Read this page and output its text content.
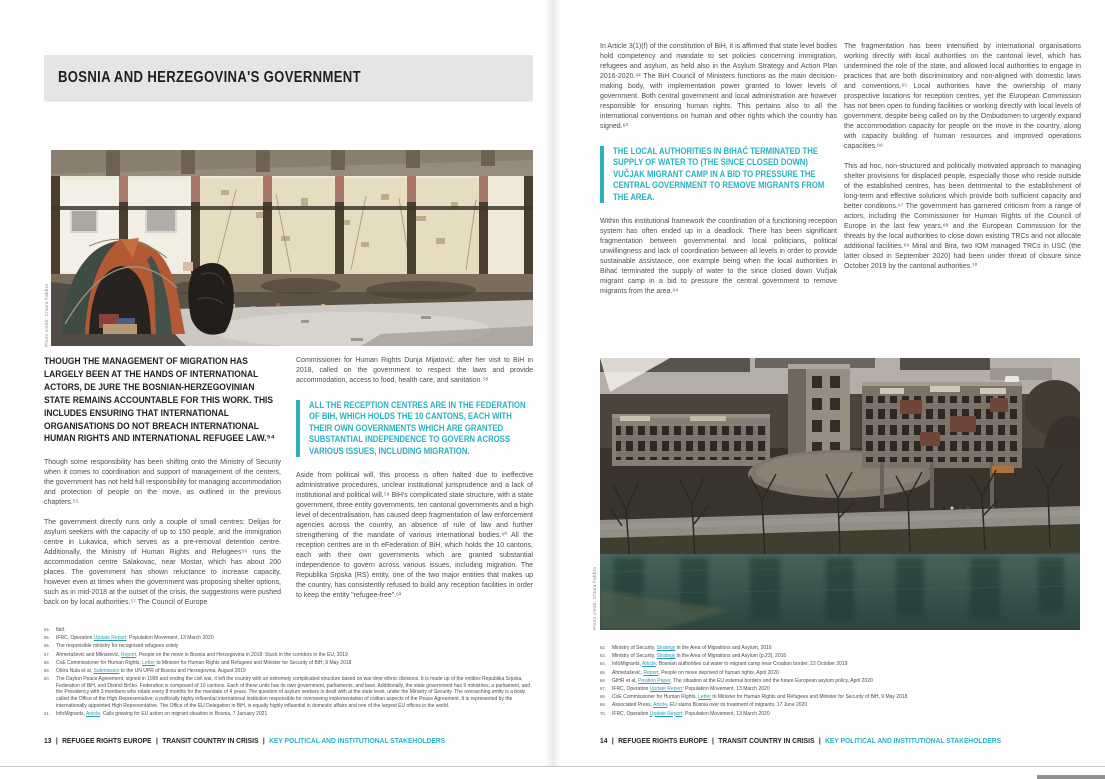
BOSNIA AND HERZEGOVINA'S GOVERNMENT
Photo credit: Chiara Fabbro
THOUGH THE MANAGEMENT OF MIGRATION HAS LARGELY BEEN AT THE HANDS OF INTERNATIONAL ACTORS, DE JURE THE BOSNIAN-HERZEGOVINIAN STATE REMAINS ACCOUNTABLE FOR THIS WORK. THIS INCLUDES ENSURING THAT INTERNATIONAL ORGANISATIONS DO NOT BREACH INTERNATIONAL HUMAN RIGHTS AND INTERNATIONAL REFUGEE LAW.⁵⁴

Though some responsibility has been shifting onto the Ministry of Security when it comes to coordination and support of management of the centers, the government has not held full responsibility for managing accommodation and protection of people on the move, as outlined in the previous chapters.⁵⁵

The government directly runs only a couple of small centres: Delijas for asylum seekers with the capacity of up to 150 people, and the immigration centre in Lukavica, which serves as a pre-removal detention centre. Additionally, the Ministry of Human Rights and Refugees⁵⁶ runs the accommodation centre Salakovac, near Mostar, which has about 200 places. The government has shown reluctance to increase capacity, however even at times when the government was proposing shelter options, such as in mid-2018 at the outset of the crisis, the suggestions were pushed back on by local authorities.⁵⁷ The Council of Europe

Commissioner for Human Rights Dunja Mijatović, after her visit to BiH in 2018, called on the government to respect the laws and provide accommodation, access to food, health care, and sanitation.⁵⁸

ALL THE RECEPTION CENTRES ARE IN THE FEDERATION OF BIH, WHICH HOLDS THE 10 CANTONS, EACH WITH THEIR OWN GOVERNMENTS WHICH ARE GRANTED SUBSTANTIAL INDEPENDENCE TO GOVERN ACROSS VARIOUS ISSUES, INCLUDING MIGRATION.

Aside from political will, this process is often halted due to ineffective administrative procedures, unclear institutional jurisprudence and a lack of institutional and political will.⁵⁹ BiH's complicated state structure, with a state government, three entity governments, ten cantonal governments and a high level of decentralisation, has caused deep fragmentation of law enforcement agencies across the country, an absence of rule of law and further strengthening of the mandate of various international bodies.⁶⁰ All the reception centres are in th eFederation of BiH, which holds the 10 cantons, each with their own governments which are granted substantial independence to govern across various issues, including migration. The Republika Srpska (RS) entity, one of the two major entities that makes up the country, has consistently refused to build any reception facilities in order to keep the entity “refugee-free”.⁶¹

54.	Ibid.
55.	IFRC, Operation Update Report: Population Movement, 13 March 2020
56.	The responsible ministry for recognised refugees solely
57.	Ahmetašević and Mlinarević, Report, People on the move in Bosnia and Herzegovina in 2018: Stuck in the corridors in the EU, 2019
58.	CoE Commissioner for Human Rights, Letter to Minister for Human Rights and Refugees and Minister for Security of BiH, 9 May 2018
59.	Oštra Nula et al, Submission to the UN UPR of Bosnia and Herzegovina, August 2019
60.	The Dayton Peace Agreement, signed in 1995 and ending the civil war, it left the country with an extremely complicated structure based on war-time ethnic divisions. It is made up of the entities Republika Srpska, Federation of BiH, and District Brčko. Federation is composed of 10 cantons. Each of these units has its own government, parliaments, and laws. Additionally, the state government has 9 ministries, a parliament, and the Presidency with 3 members who rotate every 8 months for the mandate of 4 years. The question of asylum seekers is dealt with at the state level, under the Ministry of Security. The overarching entity is a body called the Office of the High Representative; a politically highly influential international institution responsible for overseeing implementation of civilian aspects of the Peace Agreement. It is represented by the internationally appointed High Representative. The Office of the EU Delegation in BiH, is equally highly influential in domestic affairs and one of the largest EU offices in the world.
61.	InfoMigrants, Article, Calls growing for EU action on migrant situation in Bosnia, 7 January 2021
13 | REFUGEE RIGHTS EUROPE | TRANSIT COUNTRY IN CRISIS | KEY POLITICAL AND INSTITUTIONAL STAKEHOLDERS

In Article 3(1)(f) of the constitution of BiH, it is affirmed that state level bodies hold competency and mandate to set policies concerning immigration, refugees and asylum, as held also in the Asylum Strategy and Action Plan 2016-2020.⁶² The BiH Council of Ministers functions as the main decision-making body, with implementation power granted to lower levels of government. Both central government and local administration are however responsible for ensuring human rights. This pertains also to all the international conventions on human and other rights which the country has signed.⁶³

THE LOCAL AUTHORITIES IN BIHAĆ TERMINATED THE SUPPLY OF WATER TO (THE SINCE CLOSED DOWN) VUČJAK MIGRANT CAMP IN A BID TO PRESSURE THE CENTRAL GOVERNMENT TO REMOVE MIGRANTS FROM THE AREA.

Within this institutional framework the coordination of a functioning reception system has often ended up in a deadlock. There has been significant fragmentation between governmental and local politicians, political unwillingness and lack of coordination between all levels in order to provide sustainable assistance, one example being when the local authorities in Bihać terminated the supply of water to the since closed down Vučjak migrant camp in a bid to pressure the central government to remove migrants from the area.⁶⁴

The fragmentation has been intensified by international organisations working directly with local authorities on the cantonal level, which has undermined the role of the state, and allowed local authorities to engage in practices that are both discriminatory and non-aligned with domestic laws and conventions.⁶⁵ Local authorities have the ownership of many prospective locations for reception centres, yet the European Commission has not been open to funding facilities or working directly with local levels of government, despite being called on by the Ombudsmen to urgently expand the accommodation capacity for people on the move in the country, along with capacity building of human resources and improved operations capacities.⁶⁶

This ad hoc, non-structured and politically motivated approach to managing shelter provisions for displaced people, especially those who reside outside of the established centres, has been detrimental to the establishment of long-term and effective solutions which provide both sufficient capacity and better conditions.⁶⁷ The government has garnered criticism from a range of actors, including the Commissioner for Human Rights of the Council of Europe in the last few years,⁶⁸ and the European Commission for the threats by the local authorities to close down existing TRCs and not allocate additional facilities.⁶⁹ Miral and Bira, two IOM managed TRCs in USC (the latter closed in September 2020) had been under threat of closure since October 2019 by the cantonal authorities.⁷⁰

Photo credit: Chiara Fabbro
62.	Ministry of Security, Strategy in the Area of Migrations and Asylum, 2016
63.	Ministry of Security, Strategy in the Area of Migrations and Asylum (p.23), 2016
64.	InfoMigrants, Article, Bosnian authorities cut water to migrant camp near Croatian border, 22 October 2019
65.	Ahmetašević, Report, People on move deprived of human rights, April 2020
66.	GIHR et al, Position Paper, The situation at the EU external borders and the future European asylum policy, April 2020
67.	IFRC, Operation Update Report: Population Movement, 13 March 2020
68.	CoE Commissioner for Human Rights, Letter to Minister for Human Rights and Refugees and Minister for Security of BiH, 9 May 2018
69.	Associated Press, Article, EU slams Bosnia over its treatment of migrants, 17 June 2020
70.	IFRC, Operation Update Report: Population Movement, 13 March 2020
14 | REFUGEE RIGHTS EUROPE | TRANSIT COUNTRY IN CRISIS | KEY POLITICAL AND INSTITUTIONAL STAKEHOLDERS
